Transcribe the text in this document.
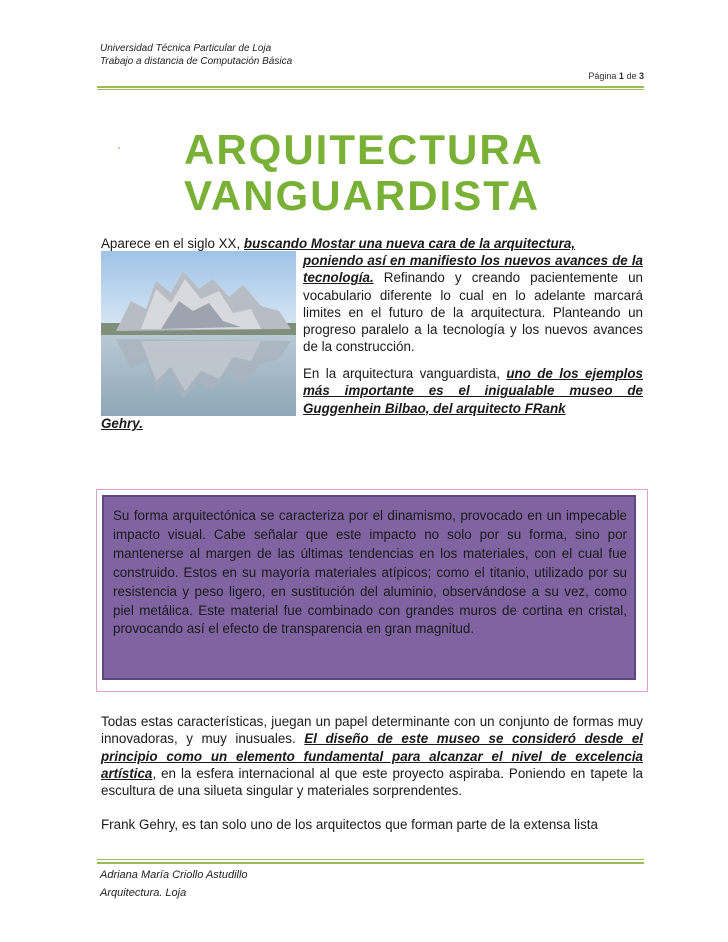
Universidad Técnica Particular de Loja
Trabajo a distancia de Computación Básica
Página 1 de 3
· ARQUITECTURA
VANGUARDISTA
Aparece en el siglo XX, buscando Mostar una nueva cara de la arquitectura,
poniendo así en manifiesto los nuevos avances de la tecnología. Refinando y creando pacientemente un vocabulario diferente lo cual en lo adelante marcará limites en el futuro de la arquitectura. Planteando un progreso paralelo a la tecnología y los nuevos avances de la construcción.
En la arquitectura vanguardista, uno de los ejemplos más importante es el inigualable museo de Guggenhein Bilbao, del arquitecto FRank
Gehry.
Su forma arquitectónica se caracteriza por el dinamismo, provocado en un impecable impacto visual. Cabe señalar que este impacto no solo por su forma, sino por mantenerse al margen de las últimas tendencias en los materiales, con el cual fue construido. Estos en su mayoría materiales atípicos; como el titanio, utilizado por su resistencia y peso ligero, en sustitución del aluminio, observándose a su vez, como piel metálica. Este material fue combinado con grandes muros de cortina en cristal, provocando así el efecto de transparencia en gran magnitud.
Todas estas características, juegan un papel determinante con un conjunto de formas muy innovadoras, y muy inusuales. El diseño de este museo se consideró desde el principio como un elemento fundamental para alcanzar el nivel de excelencia artística, en la esfera internacional al que este proyecto aspiraba. Poniendo en tapete la escultura de una silueta singular y materiales sorprendentes.
Frank Gehry, es tan solo uno de los arquitectos que forman parte de la extensa lista
Adriana María Criollo Astudillo
Arquitectura. Loja
